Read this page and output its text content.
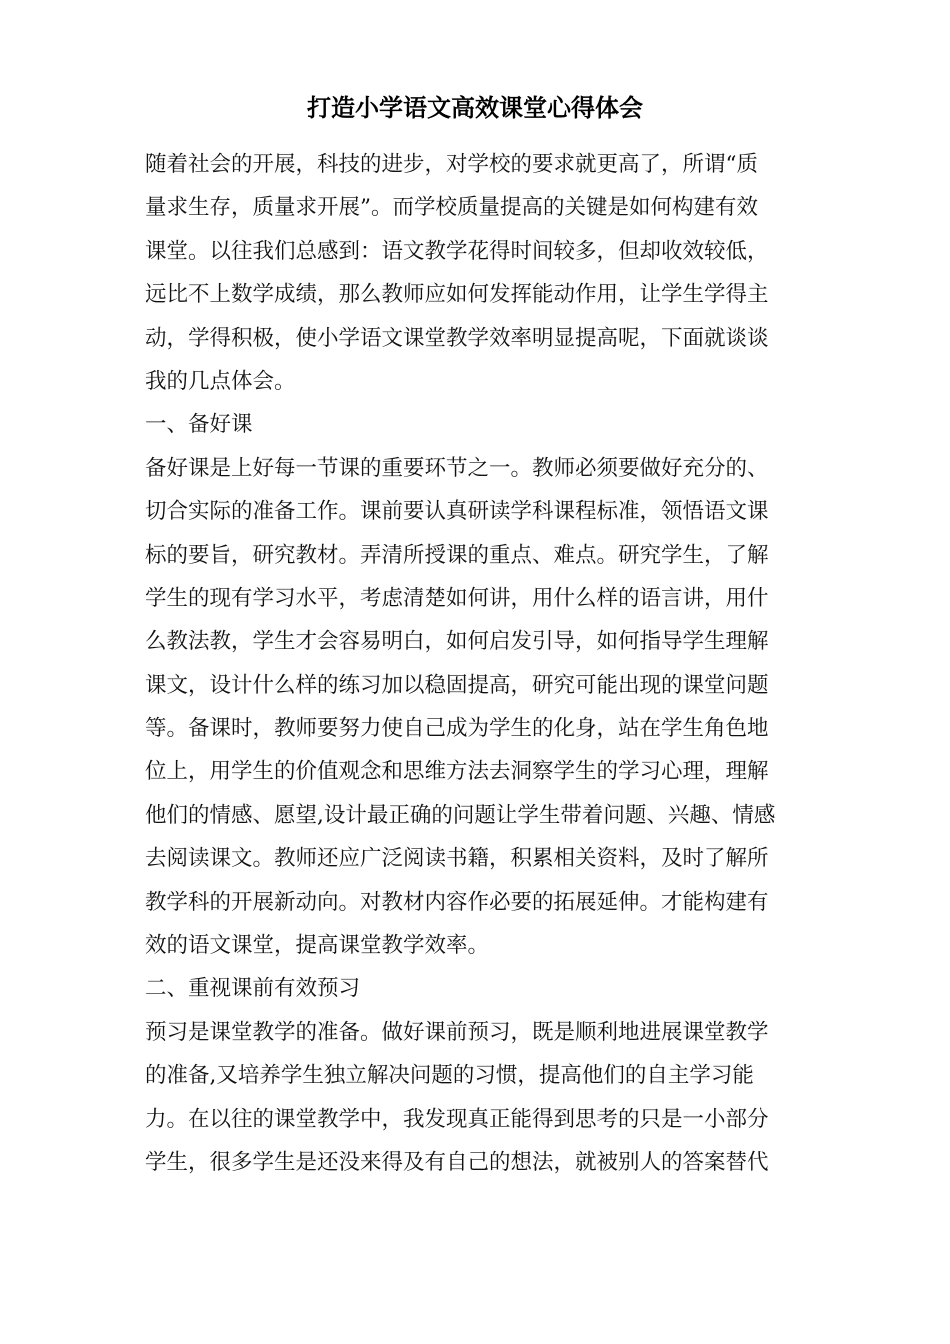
打造小学语文高效课堂心得体会
随着社会的开展，科技的进步，对学校的要求就更高了，所谓“质
量求生存，质量求开展”。而学校质量提高的关键是如何构建有效
课堂。以往我们总感到：语文教学花得时间较多，但却收效较低，
远比不上数学成绩，那么教师应如何发挥能动作用，让学生学得主
动，学得积极，使小学语文课堂教学效率明显提高呢，下面就谈谈
我的几点体会。
一、备好课
备好课是上好每一节课的重要环节之一。教师必须要做好充分的、
切合实际的准备工作。课前要认真研读学科课程标准，领悟语文课
标的要旨，研究教材。弄清所授课的重点、难点。研究学生，了解
学生的现有学习水平，考虑清楚如何讲，用什么样的语言讲，用什
么教法教，学生才会容易明白，如何启发引导，如何指导学生理解
课文，设计什么样的练习加以稳固提高，研究可能出现的课堂问题
等。备课时，教师要努力使自己成为学生的化身，站在学生角色地
位上，用学生的价值观念和思维方法去洞察学生的学习心理，理解
他们的情感、愿望,设计最正确的问题让学生带着问题、兴趣、情感
去阅读课文。教师还应广泛阅读书籍，积累相关资料，及时了解所
教学科的开展新动向。对教材内容作必要的拓展延伸。才能构建有
效的语文课堂，提高课堂教学效率。
二、重视课前有效预习
预习是课堂教学的准备。做好课前预习，既是顺利地进展课堂教学
的准备,又培养学生独立解决问题的习惯，提高他们的自主学习能
力。在以往的课堂教学中，我发现真正能得到思考的只是一小部分
学生，很多学生是还没来得及有自己的想法，就被别人的答案替代
